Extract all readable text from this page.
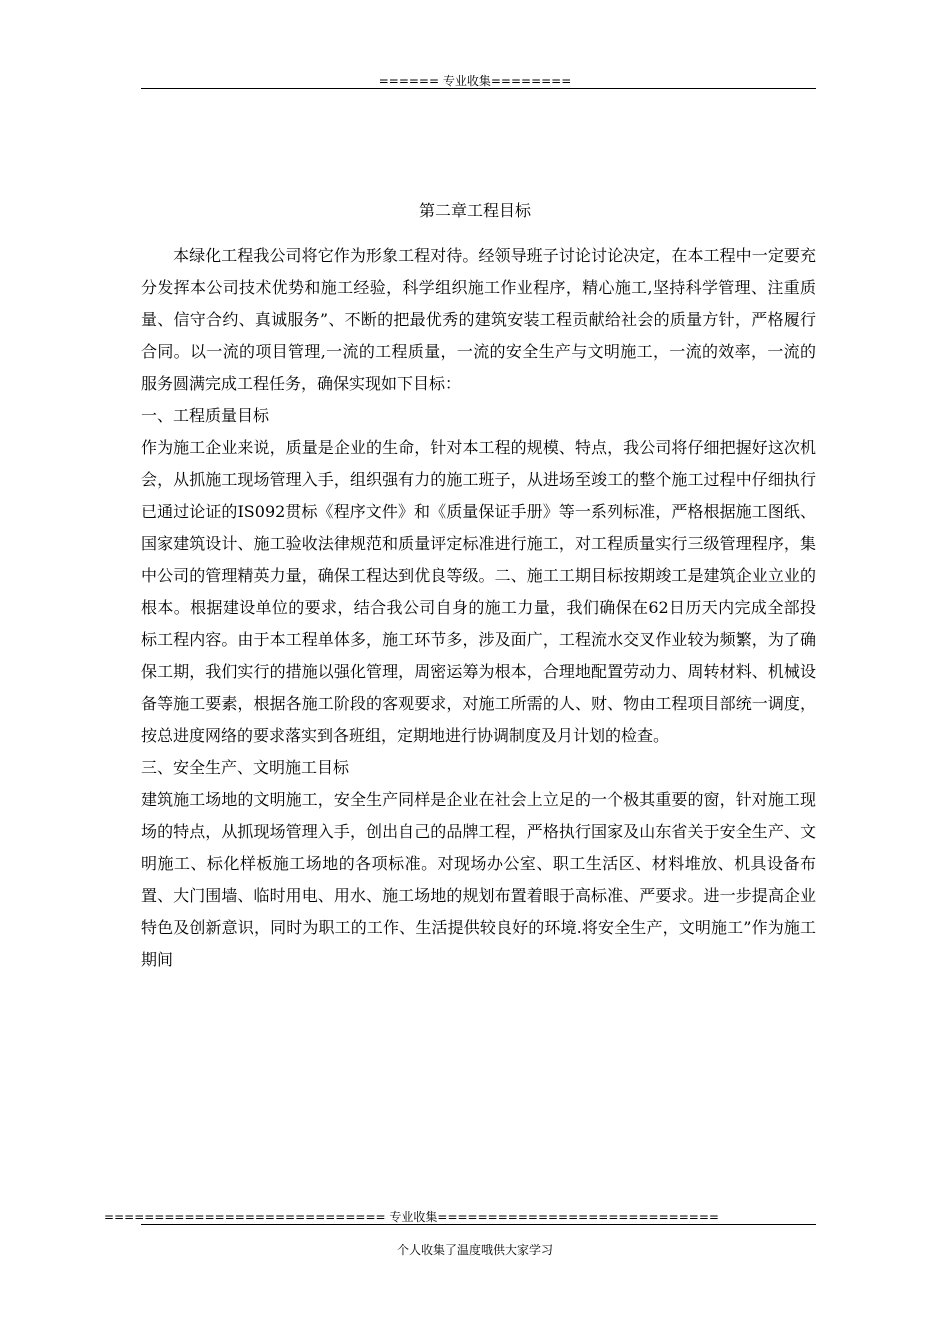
====== 专业收集========
第二章工程目标

本绿化工程我公司将它作为形象工程对待。经领导班子讨论讨论决定，在本工程中一定要充分发挥本公司技术优势和施工经验，科学组织施工作业程序，精心施工,坚持科学管理、注重质量、信守合约、真诚服务”、不断的把最优秀的建筑安装工程贡献给社会的质量方针，严格履行合同。以一流的项目管理,一流的工程质量，一流的安全生产与文明施工，一流的效率，一流的服务圆满完成工程任务，确保实现如下目标：

一、工程质量目标

作为施工企业来说，质量是企业的生命，针对本工程的规模、特点，我公司将仔细把握好这次机会，从抓施工现场管理入手，组织强有力的施工班子，从进场至竣工的整个施工过程中仔细执行已通过论证的IS092贯标《程序文件》和《质量保证手册》等一系列标准，严格根据施工图纸、国家建筑设计、施工验收法律规范和质量评定标准进行施工，对工程质量实行三级管理程序，集中公司的管理精英力量，确保工程达到优良等级。二、施工工期目标按期竣工是建筑企业立业的根本。根据建设单位的要求，结合我公司自身的施工力量，我们确保在62日历天内完成全部投标工程内容。由于本工程单体多，施工环节多，涉及面广，工程流水交叉作业较为频繁，为了确保工期，我们实行的措施以强化管理，周密运筹为根本，合理地配置劳动力、周转材料、机械设备等施工要素，根据各施工阶段的客观要求，对施工所需的人、财、物由工程项目部统一调度，按总进度网络的要求落实到各班组，定期地进行协调制度及月计划的检查。

三、安全生产、文明施工目标

建筑施工场地的文明施工，安全生产同样是企业在社会上立足的一个极其重要的窗，针对施工现场的特点，从抓现场管理入手，创出自己的品牌工程，严格执行国家及山东省关于安全生产、文明施工、标化样板施工场地的各项标准。对现场办公室、职工生活区、材料堆放、机具设备布置、大门围墙、临时用电、用水、施工场地的规划布置着眼于高标准、严要求。进一步提高企业特色及创新意识，同时为职工的工作、生活提供较良好的环境.将安全生产，文明施工”作为施工期间

============================ 专业收集============================
个人收集了温度哦供大家学习
